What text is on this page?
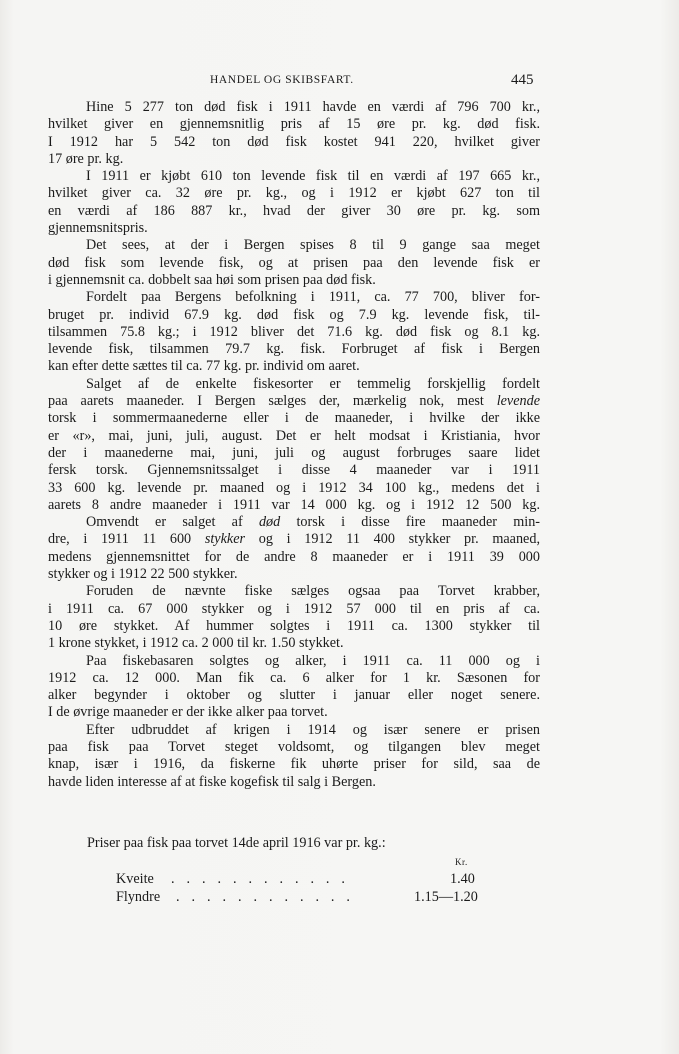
HANDEL OG SKIBSFART.	445
Hine 5 277 ton død fisk i 1911 havde en værdi af 796 700 kr.,
hvilket giver en gjennemsnitlig pris af 15 øre pr. kg. død fisk.
I 1912 har 5 542 ton død fisk kostet 941 220, hvilket giver
17 øre pr. kg.
I 1911 er kjøbt 610 ton levende fisk til en værdi af 197 665 kr.,
hvilket giver ca. 32 øre pr. kg., og i 1912 er kjøbt 627 ton til
en værdi af 186 887 kr., hvad der giver 30 øre pr. kg. som
gjennemsnitspris.
Det sees, at der i Bergen spises 8 til 9 gange saa meget
død fisk som levende fisk, og at prisen paa den levende fisk er
i gjennemsnit ca. dobbelt saa høi som prisen paa død fisk.
Fordelt paa Bergens befolkning i 1911, ca. 77 700, bliver for-
bruget pr. individ 67.9 kg. død fisk og 7.9 kg. levende fisk, til-
tilsammen 75.8 kg.; i 1912 bliver det 71.6 kg. død fisk og 8.1 kg.
levende fisk, tilsammen 79.7 kg. fisk. Forbruget af fisk i Bergen
kan efter dette sættes til ca. 77 kg. pr. individ om aaret.
Salget af de enkelte fiskesorter er temmelig forskjellig fordelt
paa aarets maaneder. I Bergen sælges der, mærkelig nok, mest levende
torsk i sommermaanederne eller i de maaneder, i hvilke der ikke
er «r», mai, juni, juli, august. Det er helt modsat i Kristiania, hvor
der i maanederne mai, juni, juli og august forbruges saare lidet
fersk torsk. Gjennemsnitssalget i disse 4 maaneder var i 1911
33 600 kg. levende pr. maaned og i 1912 34 100 kg., medens det i
aarets 8 andre maaneder i 1911 var 14 000 kg. og i 1912 12 500 kg.
Omvendt er salget af død torsk i disse fire maaneder min-
dre, i 1911 11 600 stykker og i 1912 11 400 stykker pr. maaned,
medens gjennemsnittet for de andre 8 maaneder er i 1911 39 000
stykker og i 1912 22 500 stykker.
Foruden de nævnte fiske sælges ogsaa paa Torvet krabber,
i 1911 ca. 67 000 stykker og i 1912 57 000 til en pris af ca.
10 øre stykket. Af hummer solgtes i 1911 ca. 1300 stykker til
1 krone stykket, i 1912 ca. 2 000 til kr. 1.50 stykket.
Paa fiskebasaren solgtes og alker, i 1911 ca. 11 000 og i
1912 ca. 12 000. Man fik ca. 6 alker for 1 kr. Sæsonen for
alker begynder i oktober og slutter i januar eller noget senere.
I de øvrige maaneder er der ikke alker paa torvet.
Efter udbruddet af krigen i 1914 og især senere er prisen
paa fisk paa Torvet steget voldsomt, og tilgangen blev meget
knap, især i 1916, da fiskerne fik uhørte priser for sild, saa de
havde liden interesse af at fiske kogefisk til salg i Bergen.
Priser paa fisk paa torvet 14de april 1916 var pr. kg.:
Kr.
Kveite . . . . . . . . . . . .	1.40
Flyndre . . . . . . . . . . . .	1.15—1.20
